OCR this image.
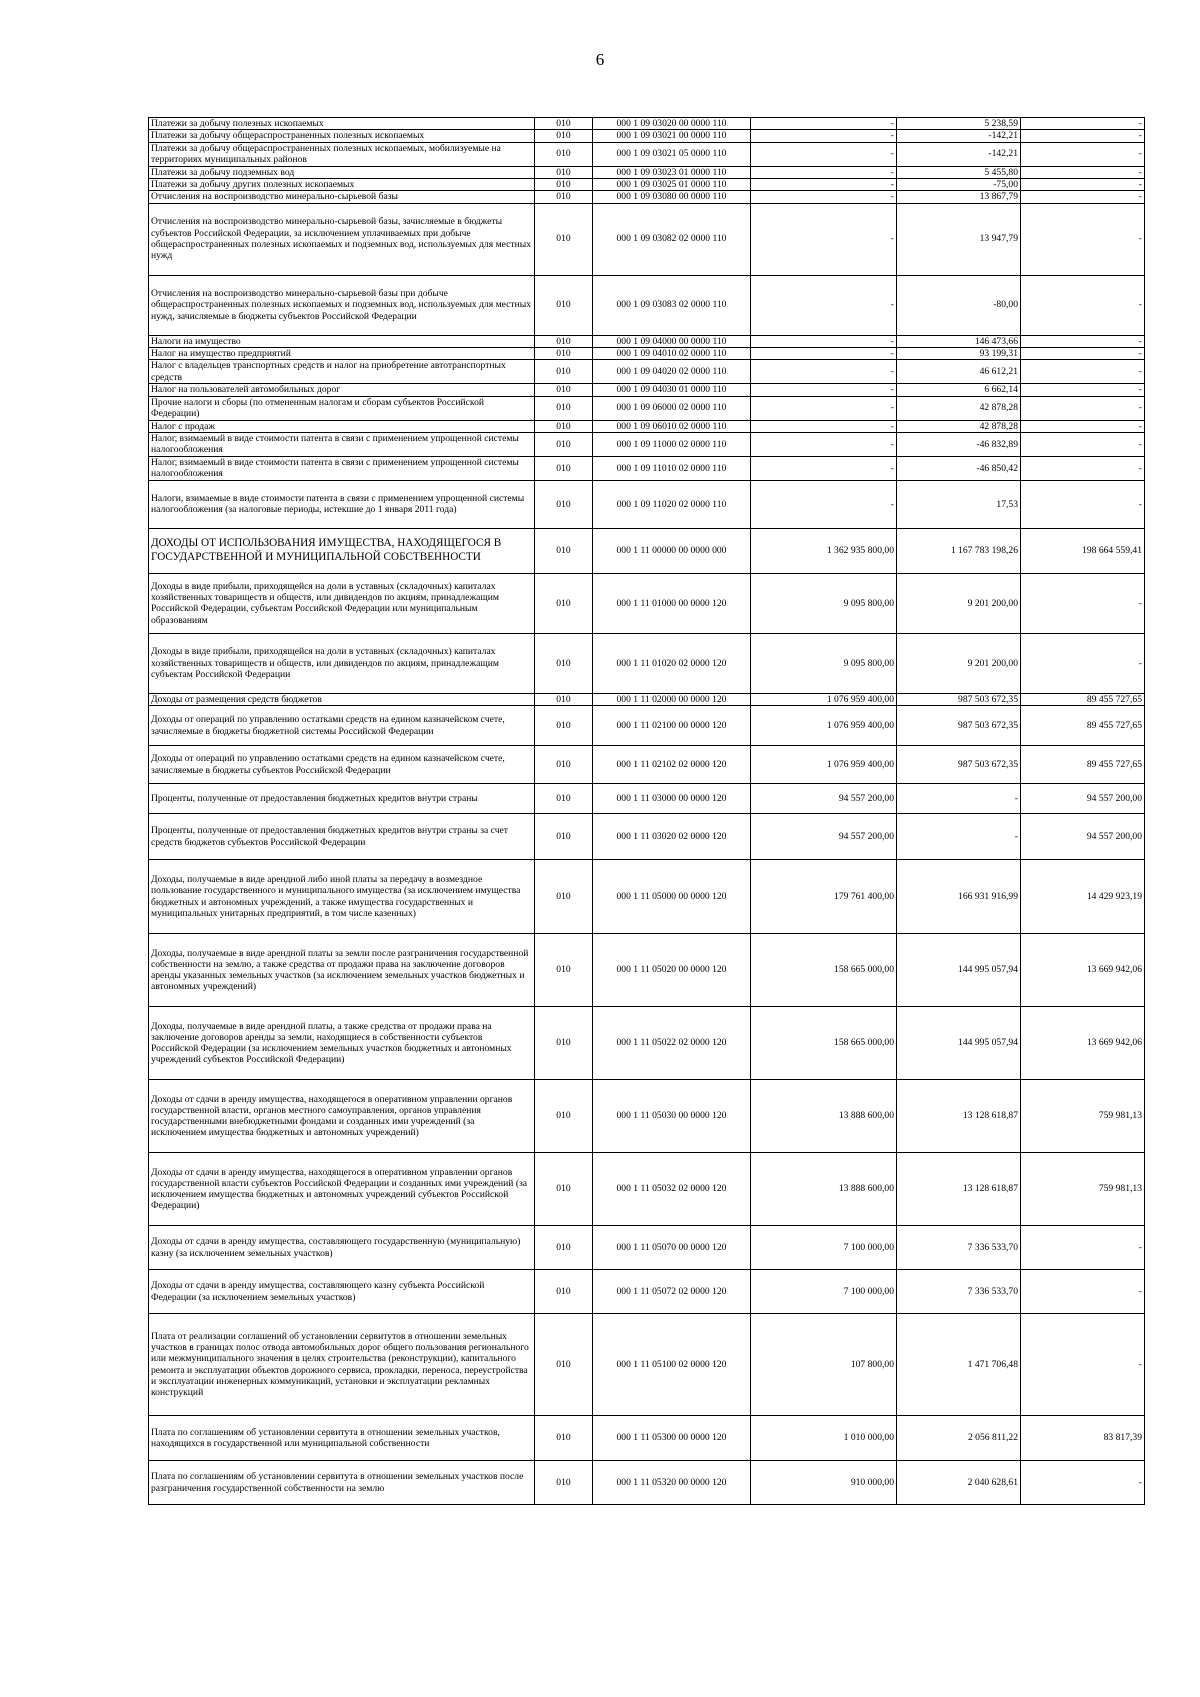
6
Платежи за добычу полезных ископаемых	010	000 1 09 03020 00 0000 110	-	5 238,59	-
Платежи за добычу общераспространенных полезных ископаемых	010	000 1 09 03021 00 0000 110	-	-142,21	-
Платежи за добычу общераспространенных полезных ископаемых, мобилизуемые на территориях муниципальных районов	010	000 1 09 03021 05 0000 110	-	-142,21	-
Платежи за добычу подземных вод	010	000 1 09 03023 01 0000 110	-	5 455,80	-
Платежи за добычу других полезных ископаемых	010	000 1 09 03025 01 0000 110	-	-75,00	-
Отчисления на воспроизводство минерально-сырьевой базы	010	000 1 09 03080 00 0000 110	-	13 867,79	-
Отчисления на воспроизводство минерально-сырьевой базы, зачисляемые в бюджеты субъектов Российской Федерации, за исключением уплачиваемых при добыче общераспространенных полезных ископаемых и подземных вод, используемых для местных нужд	010	000 1 09 03082 02 0000 110	-	13 947,79	-
Отчисления на воспроизводство минерально-сырьевой базы при добыче общераспространенных полезных ископаемых и подземных вод, используемых для местных нужд, зачисляемые в бюджеты субъектов Российской Федерации	010	000 1 09 03083 02 0000 110	-	-80,00	-
Налоги на имущество	010	000 1 09 04000 00 0000 110	-	146 473,66	-
Налог на имущество предприятий	010	000 1 09 04010 02 0000 110	-	93 199,31	-
Налог с владельцев транспортных средств и налог на приобретение автотранспортных средств	010	000 1 09 04020 02 0000 110	-	46 612,21	-
Налог на пользователей автомобильных дорог	010	000 1 09 04030 01 0000 110	-	6 662,14	-
Прочие налоги и сборы (по отмененным налогам и сборам субъектов Российской Федерации)	010	000 1 09 06000 02 0000 110	-	42 878,28	-
Налог с продаж	010	000 1 09 06010 02 0000 110	-	42 878,28	-
Налог, взимаемый в виде стоимости патента в связи с применением упрощенной системы налогообложения	010	000 1 09 11000 02 0000 110	-	-46 832,89	-
Налог, взимаемый в виде стоимости патента в связи с применением упрощенной системы налогообложения	010	000 1 09 11010 02 0000 110	-	-46 850,42	-
Налоги, взимаемые в виде стоимости патента в связи с применением упрощенной системы налогообложения (за налоговые периоды, истекшие до 1 января 2011 года)	010	000 1 09 11020 02 0000 110	-	17,53	-
ДОХОДЫ ОТ ИСПОЛЬЗОВАНИЯ ИМУЩЕСТВА, НАХОДЯЩЕГОСЯ В ГОСУДАРСТВЕННОЙ И МУНИЦИПАЛЬНОЙ СОБСТВЕННОСТИ	010	000 1 11 00000 00 0000 000	1 362 935 800,00	1 167 783 198,26	198 664 559,41
Доходы в виде прибыли, приходящейся на доли в уставных (складочных) капиталах хозяйственных товариществ и обществ, или дивидендов по акциям, принадлежащим Российской Федерации, субъектам Российской Федерации или муниципальным образованиям	010	000 1 11 01000 00 0000 120	9 095 800,00	9 201 200,00	-
Доходы в виде прибыли, приходящейся на доли в уставных (складочных) капиталах хозяйственных товариществ и обществ, или дивидендов по акциям, принадлежащим субъектам Российской Федерации	010	000 1 11 01020 02 0000 120	9 095 800,00	9 201 200,00	-
Доходы от размещения средств бюджетов	010	000 1 11 02000 00 0000 120	1 076 959 400,00	987 503 672,35	89 455 727,65
Доходы от операций по управлению остатками средств на едином казначейском счете, зачисляемые в бюджеты бюджетной системы Российской Федерации	010	000 1 11 02100 00 0000 120	1 076 959 400,00	987 503 672,35	89 455 727,65
Доходы от операций по управлению остатками средств на едином казначейском счете, зачисляемые в бюджеты субъектов Российской Федерации	010	000 1 11 02102 02 0000 120	1 076 959 400,00	987 503 672,35	89 455 727,65
Проценты, полученные от предоставления бюджетных кредитов внутри страны	010	000 1 11 03000 00 0000 120	94 557 200,00	-	94 557 200,00
Проценты, полученные от предоставления бюджетных кредитов внутри страны за счет средств бюджетов субъектов Российской Федерации	010	000 1 11 03020 02 0000 120	94 557 200,00	-	94 557 200,00
Доходы, получаемые в виде арендной либо иной платы за передачу в возмездное пользование государственного и муниципального имущества (за исключением имущества бюджетных и автономных учреждений, а также имущества государственных и муниципальных унитарных предприятий, в том числе казенных)	010	000 1 11 05000 00 0000 120	179 761 400,00	166 931 916,99	14 429 923,19
Доходы, получаемые в виде арендной платы за земли после разграничения государственной собственности на землю, а также средства от продажи права на заключение договоров аренды указанных земельных участков (за исключением земельных участков бюджетных и автономных учреждений)	010	000 1 11 05020 00 0000 120	158 665 000,00	144 995 057,94	13 669 942,06
Доходы, получаемые в виде арендной платы, а также средства от продажи права на заключение договоров аренды за земли, находящиеся в собственности субъектов Российской Федерации (за исключением земельных участков бюджетных и автономных учреждений субъектов Российской Федерации)	010	000 1 11 05022 02 0000 120	158 665 000,00	144 995 057,94	13 669 942,06
Доходы от сдачи в аренду имущества, находящегося в оперативном управлении органов государственной власти, органов местного самоуправления, органов управления государственными внебюджетными фондами и созданных ими учреждений (за исключением имущества бюджетных и автономных учреждений)	010	000 1 11 05030 00 0000 120	13 888 600,00	13 128 618,87	759 981,13
Доходы от сдачи в аренду имущества, находящегося в оперативном управлении органов государственной власти субъектов Российской Федерации и созданных ими учреждений (за исключением имущества бюджетных и автономных учреждений субъектов Российской Федерации)	010	000 1 11 05032 02 0000 120	13 888 600,00	13 128 618,87	759 981,13
Доходы от сдачи в аренду имущества, составляющего государственную (муниципальную) казну (за исключением земельных участков)	010	000 1 11 05070 00 0000 120	7 100 000,00	7 336 533,70	-
Доходы от сдачи в аренду имущества, составляющего казну субъекта Российской Федерации (за исключением земельных участков)	010	000 1 11 05072 02 0000 120	7 100 000,00	7 336 533,70	-
Плата от реализации соглашений об установлении сервитутов в отношении земельных участков в границах полос отвода автомобильных дорог общего пользования регионального или межмуниципального значения в целях строительства (реконструкции), капитального ремонта и эксплуатации объектов дорожного сервиса, прокладки, переноса, переустройства и эксплуатации инженерных коммуникаций, установки и эксплуатации рекламных конструкций	010	000 1 11 05100 02 0000 120	107 800,00	1 471 706,48	-
Плата по соглашениям об установлении сервитута в отношении земельных участков, находящихся в государственной или муниципальной собственности	010	000 1 11 05300 00 0000 120	1 010 000,00	2 056 811,22	83 817,39
Плата по соглашениям об установлении сервитута в отношении земельных участков после разграничения государственной собственности на землю	010	000 1 11 05320 00 0000 120	910 000,00	2 040 628,61	-
